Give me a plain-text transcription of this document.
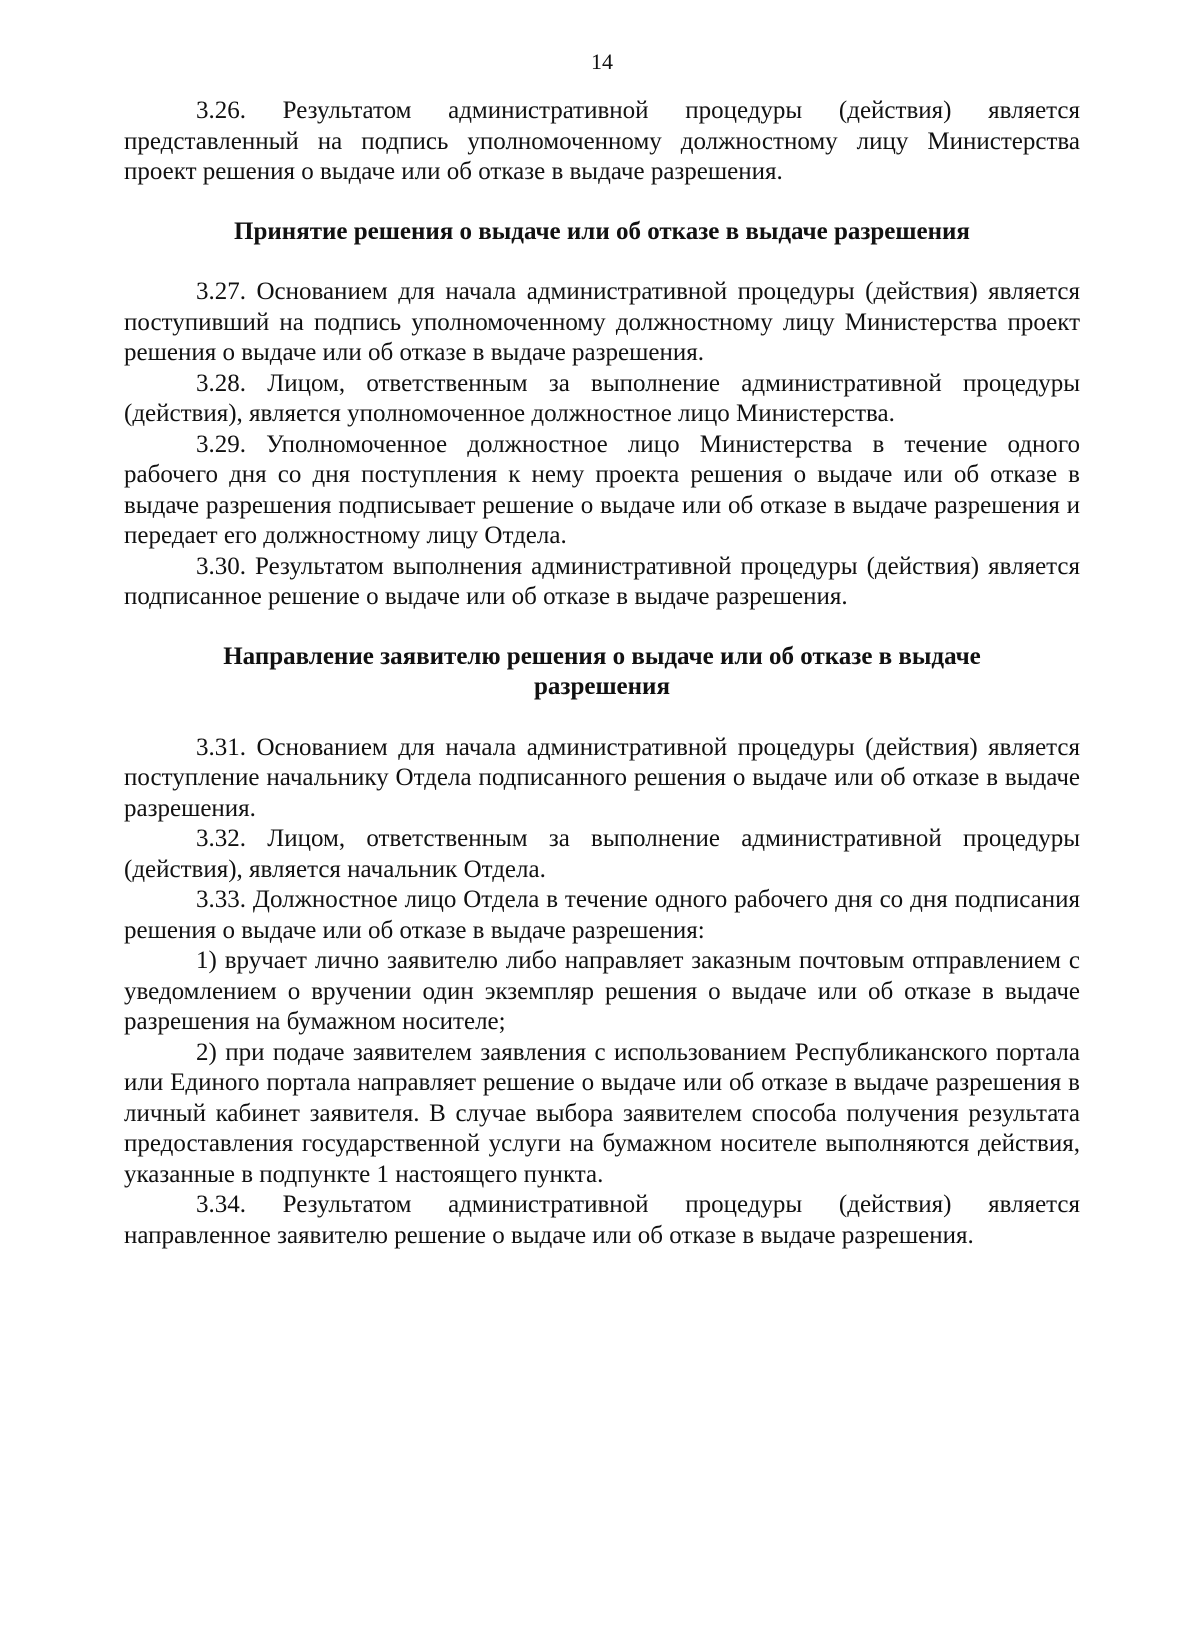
14

3.26. Результатом административной процедуры (действия) является представленный на подпись уполномоченному должностному лицу Министерства проект решения о выдаче или об отказе в выдаче разрешения.

Принятие решения о выдаче или об отказе в выдаче разрешения

3.27. Основанием для начала административной процедуры (действия) является поступивший на подпись уполномоченному должностному лицу Министерства проект решения о выдаче или об отказе в выдаче разрешения.

3.28. Лицом, ответственным за выполнение административной процедуры (действия), является уполномоченное должностное лицо Министерства.

3.29. Уполномоченное должностное лицо Министерства в течение одного рабочего дня со дня поступления к нему проекта решения о выдаче или об отказе в выдаче разрешения подписывает решение о выдаче или об отказе в выдаче разрешения и передает его должностному лицу Отдела.

3.30. Результатом выполнения административной процедуры (действия) является подписанное решение о выдаче или об отказе в выдаче разрешения.

Направление заявителю решения о выдаче или об отказе в выдаче разрешения

3.31. Основанием для начала административной процедуры (действия) является поступление начальнику Отдела подписанного решения о выдаче или об отказе в выдаче разрешения.

3.32. Лицом, ответственным за выполнение административной процедуры (действия), является начальник Отдела.

3.33. Должностное лицо Отдела в течение одного рабочего дня со дня подписания решения о выдаче или об отказе в выдаче разрешения:

1) вручает лично заявителю либо направляет заказным почтовым отправлением с уведомлением о вручении один экземпляр решения о выдаче или об отказе в выдаче разрешения на бумажном носителе;

2) при подаче заявителем заявления с использованием Республиканского портала или Единого портала направляет решение о выдаче или об отказе в выдаче разрешения в личный кабинет заявителя. В случае выбора заявителем способа получения результата предоставления государственной услуги на бумажном носителе выполняются действия, указанные в подпункте 1 настоящего пункта.

3.34. Результатом административной процедуры (действия) является направленное заявителю решение о выдаче или об отказе в выдаче разрешения.
